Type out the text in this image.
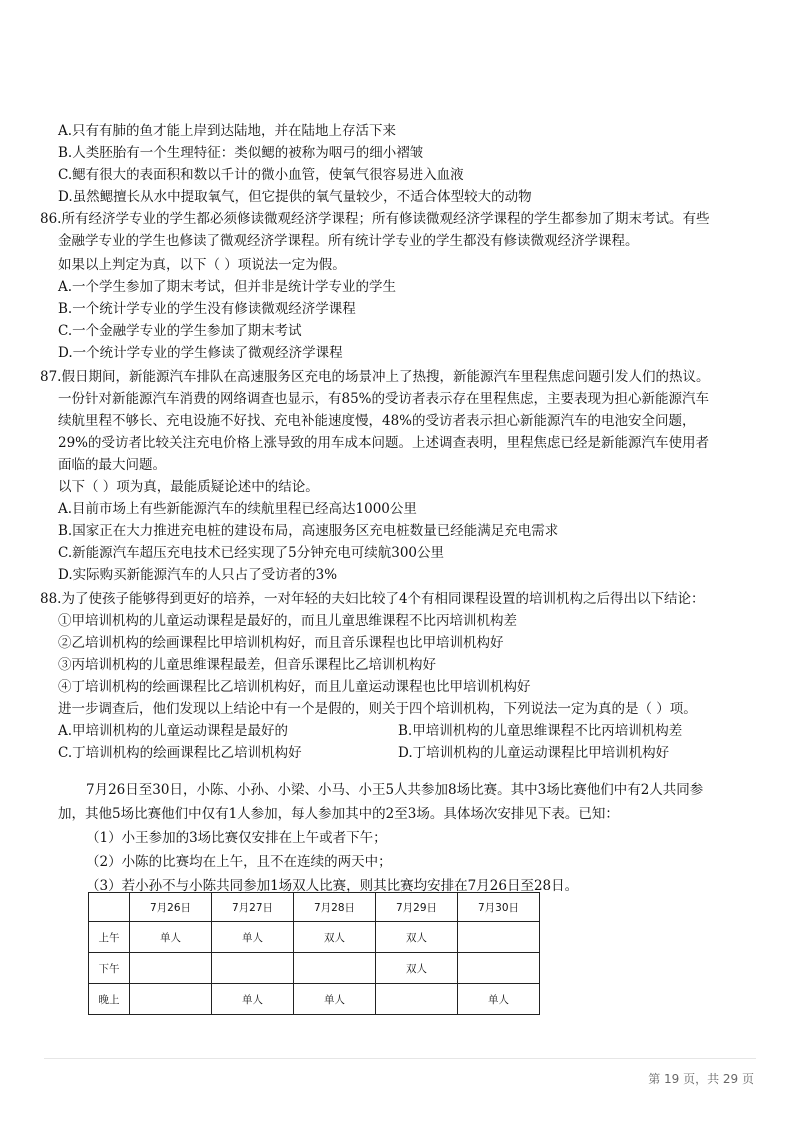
A.只有有肺的鱼才能上岸到达陆地，并在陆地上存活下来
B.人类胚胎有一个生理特征：类似鳃的被称为咽弓的细小褶皱
C.鳃有很大的表面积和数以千计的微小血管，使氧气很容易进入血液
D.虽然鳃擅长从水中提取氧气，但它提供的氧气量较少，不适合体型较大的动物
86.所有经济学专业的学生都必须修读微观经济学课程；所有修读微观经济学课程的学生都参加了期末考试。有些
金融学专业的学生也修读了微观经济学课程。所有统计学专业的学生都没有修读微观经济学课程。
如果以上判定为真，以下（ ）项说法一定为假。
A.一个学生参加了期末考试，但并非是统计学专业的学生
B.一个统计学专业的学生没有修读微观经济学课程
C.一个金融学专业的学生参加了期末考试
D.一个统计学专业的学生修读了微观经济学课程
87.假日期间，新能源汽车排队在高速服务区充电的场景冲上了热搜，新能源汽车里程焦虑问题引发人们的热议。
一份针对新能源汽车消费的网络调查也显示，有85%的受访者表示存在里程焦虑，主要表现为担心新能源汽车
续航里程不够长、充电设施不好找、充电补能速度慢，48%的受访者表示担心新能源汽车的电池安全问题，
29%的受访者比较关注充电价格上涨导致的用车成本问题。上述调查表明，里程焦虑已经是新能源汽车使用者
面临的最大问题。
以下（ ）项为真，最能质疑论述中的结论。
A.目前市场上有些新能源汽车的续航里程已经高达1000公里
B.国家正在大力推进充电桩的建设布局，高速服务区充电桩数量已经能满足充电需求
C.新能源汽车超压充电技术已经实现了5分钟充电可续航300公里
D.实际购买新能源汽车的人只占了受访者的3%
88.为了使孩子能够得到更好的培养，一对年轻的夫妇比较了4个有相同课程设置的培训机构之后得出以下结论：
①甲培训机构的儿童运动课程是最好的，而且儿童思维课程不比丙培训机构差
②乙培训机构的绘画课程比甲培训机构好，而且音乐课程也比甲培训机构好
③丙培训机构的儿童思维课程最差，但音乐课程比乙培训机构好
④丁培训机构的绘画课程比乙培训机构好，而且儿童运动课程也比甲培训机构好
进一步调查后，他们发现以上结论中有一个是假的，则关于四个培训机构，下列说法一定为真的是（ ）项。
A.甲培训机构的儿童运动课程是最好的	B.甲培训机构的儿童思维课程不比丙培训机构差
C.丁培训机构的绘画课程比乙培训机构好	D.丁培训机构的儿童运动课程比甲培训机构好
7月26日至30日，小陈、小孙、小梁、小马、小王5人共参加8场比赛。其中3场比赛他们中有2人共同参
加，其他5场比赛他们中仅有1人参加，每人参加其中的2至3场。具体场次安排见下表。已知：
（1）小王参加的3场比赛仅安排在上午或者下午；
（2）小陈的比赛均在上午，且不在连续的两天中；
（3）若小孙不与小陈共同参加1场双人比赛，则其比赛均安排在7月26日至28日。
	7月26日	7月27日	7月28日	7月29日	7月30日
上午	单人	单人	双人	双人	
下午				双人	
晚上		单人	单人		单人
第 19 页，共 29 页
